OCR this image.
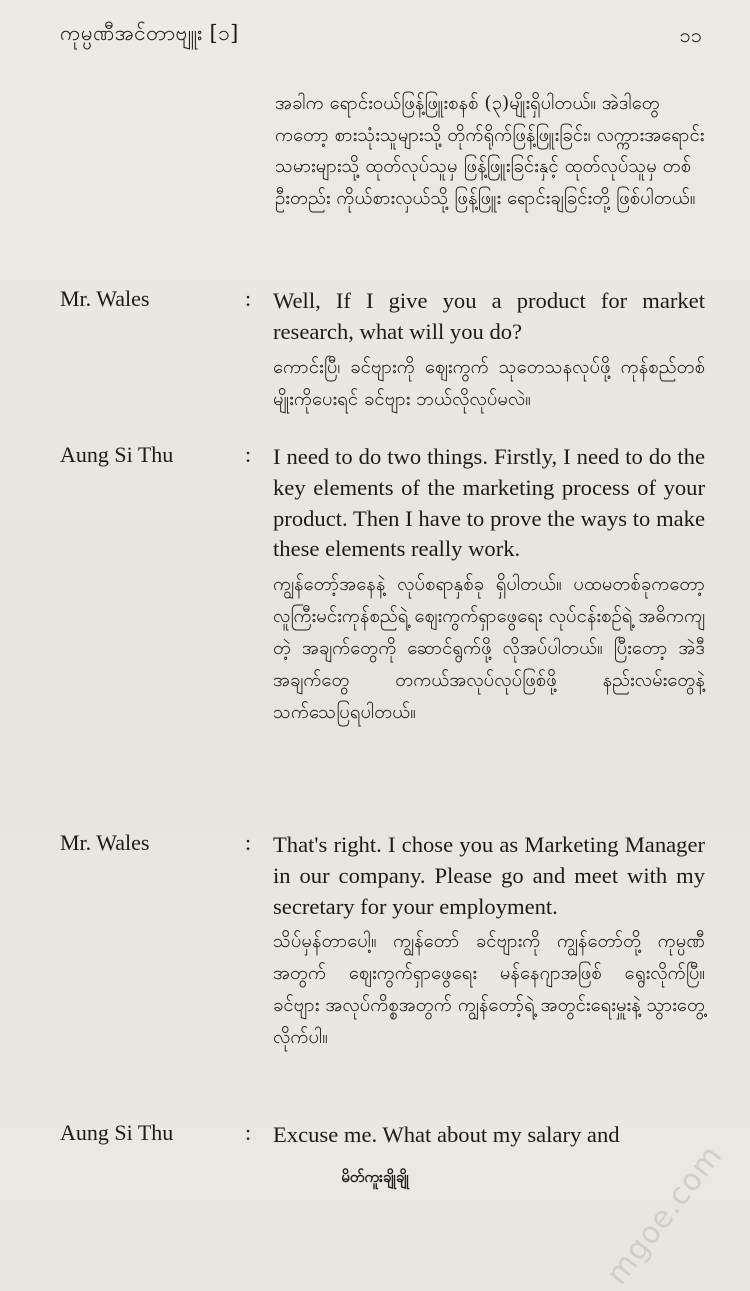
ကုမ္ပဏီအင်တာဗျူး [၁]	၁၁
အခါက ရောင်းဝယ်ဖြန့်ဖြူးစနစ် (၃)မျိုးရှိပါတယ်။ အဲဒါတွေကတော့ စားသုံးသူများသို့ တိုက်ရိုက်ဖြန့်ဖြူးခြင်း၊ လက္ကားအရောင်းသမားများသို့ ထုတ်လုပ်သူမှ ဖြန့်ဖြူးခြင်းနှင့် ထုတ်လုပ်သူမှ တစ်ဦးတည်း ကိုယ်စားလှယ်သို့ ဖြန့်ဖြူး ရောင်းချခြင်းတို့ ဖြစ်ပါတယ်။
Mr. Wales	: Well, If I give you a product for market research, what will you do?

ကောင်းပြီ၊ ခင်ဗျားကို ဈေးကွက် သုတေသနလုပ်ဖို့ ကုန်စည်တစ်မျိုးကိုပေးရင် ခင်ဗျား ဘယ်လိုလုပ်မလဲ။

Aung Si Thu	: I need to do two things. Firstly, I need to do the key elements of the marketing process of your product. Then I have to prove the ways to make these elements really work.

ကျွန်တော့်အနေနဲ့ လုပ်စရာနှစ်ခု ရှိပါတယ်။ ပထမတစ်ခုကတော့ လူကြီးမင်းကုန်စည်ရဲ့ ဈေးကွက်ရှာဖွေရေး လုပ်ငန်းစဉ်ရဲ့ အဓိကကျတဲ့ အချက်တွေကို ဆောင်ရွက်ဖို့ လိုအပ်ပါတယ်။ ပြီးတော့ အဲဒီအချက်တွေ တကယ်အလုပ်လုပ်ဖြစ်ဖို့ နည်းလမ်းတွေနဲ့ သက်သေပြရပါတယ်။

Mr. Wales	: That's right. I chose you as Marketing Manager in our company. Please go and meet with my secretary for your employment.

သိပ်မှန်တာပေါ့။ ကျွန်တော် ခင်ဗျားကို ကျွန်တော်တို့ ကုမ္ပဏီအတွက် ဈေးကွက်ရှာဖွေရေး မန်နေဂျာအဖြစ် ရွေးလိုက်ပြီ။ ခင်ဗျား အလုပ်ကိစ္စအတွက် ကျွန်တော့်ရဲ့ အတွင်းရေးမှူးနဲ့ သွားတွေ့လိုက်ပါ။

Aung Si Thu	: Excuse me. What about my salary and

မိတ်ကူးချိုချို	mgoe.com
